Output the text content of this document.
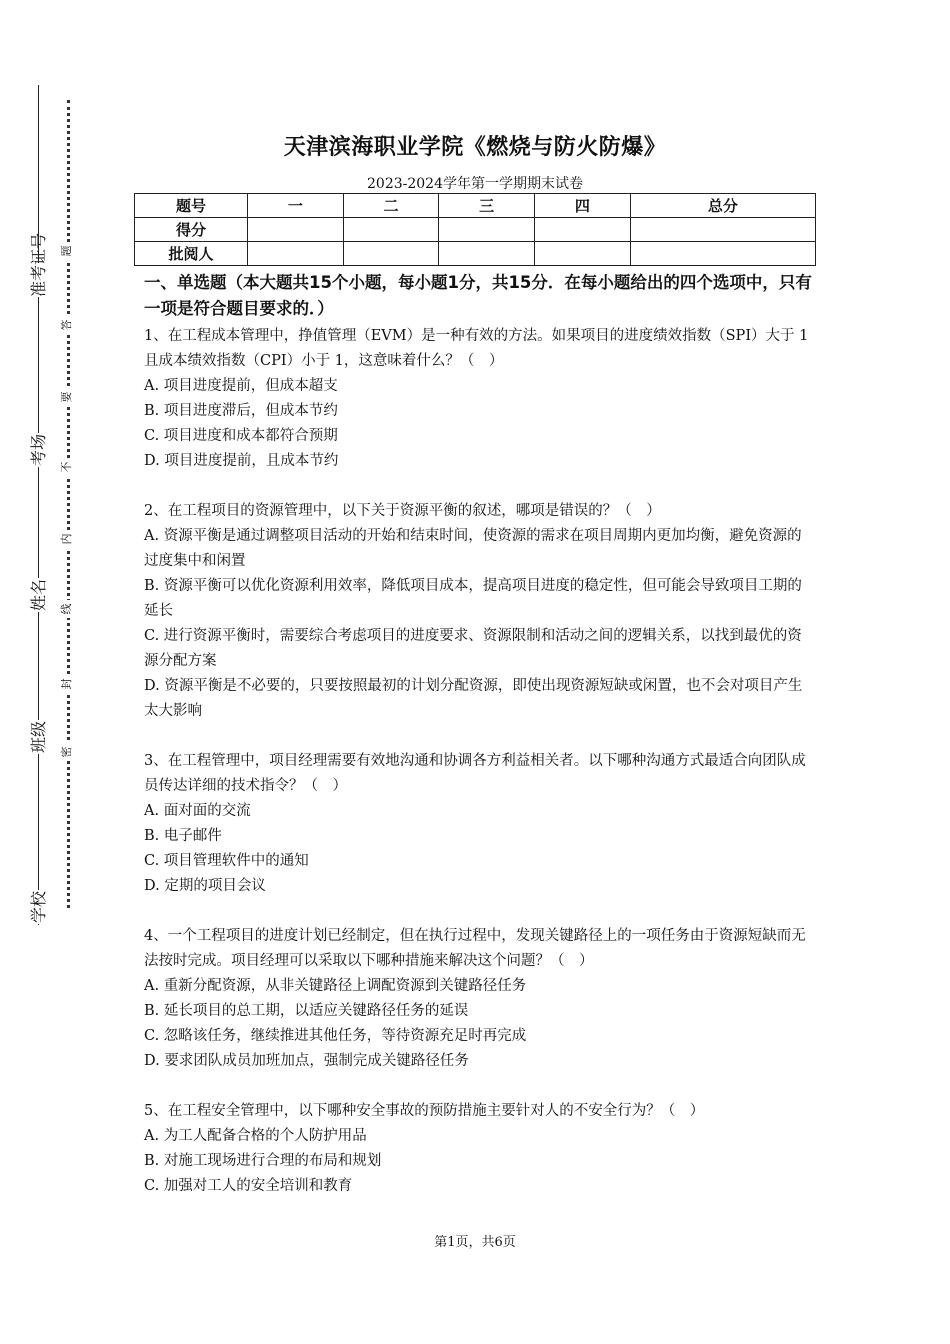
准考证号
考场
姓名
班级
学校
题
答
要
不
内
线
封
密
天津滨海职业学院《燃烧与防火防爆》
2023-2024学年第一学期期末试卷
题号	一	二	三	四	总分
得分					
批阅人					
一、单选题（本大题共15个小题，每小题1分，共15分．在每小题给出的四个选项中，只有一项是符合题目要求的．）

1、在工程成本管理中，挣值管理（EVM）是一种有效的方法。如果项目的进度绩效指数（SPI）大于 1 且成本绩效指数（CPI）小于 1，这意味着什么？（　）

A. 项目进度提前，但成本超支

B. 项目进度滞后，但成本节约

C. 项目进度和成本都符合预期

D. 项目进度提前，且成本节约

2、在工程项目的资源管理中，以下关于资源平衡的叙述，哪项是错误的？（　）

A. 资源平衡是通过调整项目活动的开始和结束时间，使资源的需求在项目周期内更加均衡，避免资源的过度集中和闲置

B. 资源平衡可以优化资源利用效率，降低项目成本，提高项目进度的稳定性，但可能会导致项目工期的延长

C. 进行资源平衡时，需要综合考虑项目的进度要求、资源限制和活动之间的逻辑关系，以找到最优的资源分配方案

D. 资源平衡是不必要的，只要按照最初的计划分配资源，即使出现资源短缺或闲置，也不会对项目产生太大影响

3、在工程管理中，项目经理需要有效地沟通和协调各方利益相关者。以下哪种沟通方式最适合向团队成员传达详细的技术指令？（　）

A. 面对面的交流

B. 电子邮件

C. 项目管理软件中的通知

D. 定期的项目会议

4、一个工程项目的进度计划已经制定，但在执行过程中，发现关键路径上的一项任务由于资源短缺而无法按时完成。项目经理可以采取以下哪种措施来解决这个问题？（　）

A. 重新分配资源，从非关键路径上调配资源到关键路径任务

B. 延长项目的总工期，以适应关键路径任务的延误

C. 忽略该任务，继续推进其他任务，等待资源充足时再完成

D. 要求团队成员加班加点，强制完成关键路径任务

5、在工程安全管理中，以下哪种安全事故的预防措施主要针对人的不安全行为？（　）

A. 为工人配备合格的个人防护用品

B. 对施工现场进行合理的布局和规划

C. 加强对工人的安全培训和教育

第1页，共6页
